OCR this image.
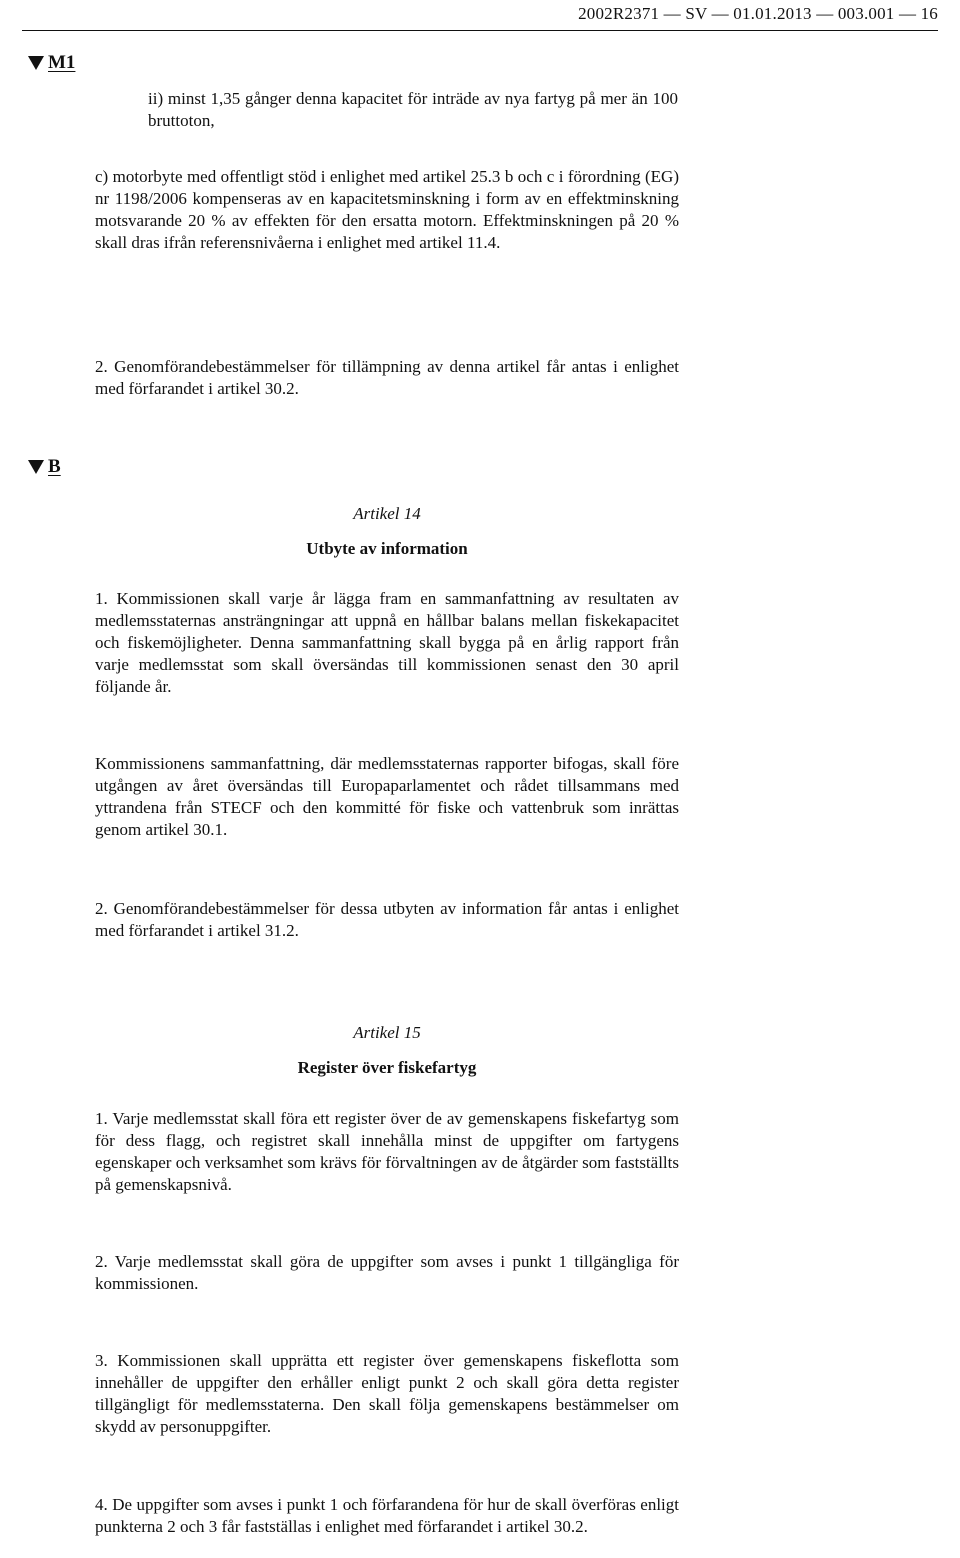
2002R2371 — SV — 01.01.2013 — 003.001 — 16
M1
ii) minst 1,35 gånger denna kapacitet för inträde av nya fartyg på mer än 100 bruttoton,
c) motorbyte med offentligt stöd i enlighet med artikel 25.3 b och c i förordning (EG) nr 1198/2006 kompenseras av en kapacitetsminskning i form av en effektminskning motsvarande 20 % av effekten för den ersatta motorn. Effektminskningen på 20 % skall dras ifrån referensnivåerna i enlighet med artikel 11.4.
2. Genomförandebestämmelser för tillämpning av denna artikel får antas i enlighet med förfarandet i artikel 30.2.
B
Artikel 14
Utbyte av information
1. Kommissionen skall varje år lägga fram en sammanfattning av resultaten av medlemsstaternas ansträngningar att uppnå en hållbar balans mellan fiskekapacitet och fiskemöjligheter. Denna sammanfattning skall bygga på en årlig rapport från varje medlemsstat som skall översändas till kommissionen senast den 30 april följande år.
Kommissionens sammanfattning, där medlemsstaternas rapporter bifogas, skall före utgången av året översändas till Europaparlamentet och rådet tillsammans med yttrandena från STECF och den kommitté för fiske och vattenbruk som inrättas genom artikel 30.1.
2. Genomförandebestämmelser för dessa utbyten av information får antas i enlighet med förfarandet i artikel 31.2.
Artikel 15
Register över fiskefartyg
1. Varje medlemsstat skall föra ett register över de av gemenskapens fiskefartyg som för dess flagg, och registret skall innehålla minst de uppgifter om fartygens egenskaper och verksamhet som krävs för förvaltningen av de åtgärder som fastställts på gemenskapsnivå.
2. Varje medlemsstat skall göra de uppgifter som avses i punkt 1 tillgängliga för kommissionen.
3. Kommissionen skall upprätta ett register över gemenskapens fiskeflotta som innehåller de uppgifter den erhåller enligt punkt 2 och skall göra detta register tillgängligt för medlemsstaterna. Den skall följa gemenskapens bestämmelser om skydd av personuppgifter.
4. De uppgifter som avses i punkt 1 och förfarandena för hur de skall överföras enligt punkterna 2 och 3 får fastställas i enlighet med förfarandet i artikel 30.2.
